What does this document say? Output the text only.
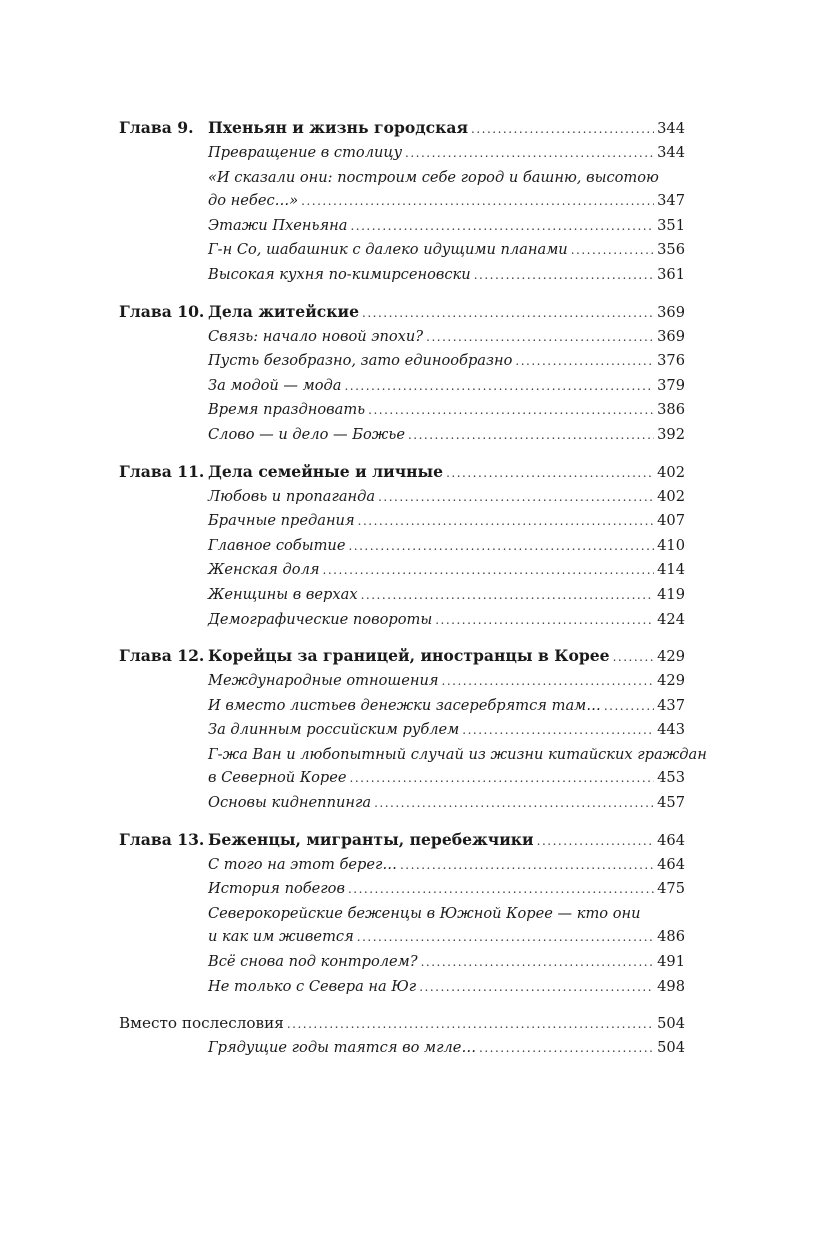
Глава 9. Пхеньян и жизнь городская .....	344
Превращение в столицу .....	344
«И сказали они: построим себе город и башню, высотою
до небес…» .....	347
Этажи Пхеньяна .....	351
Г-н Со, шабашник с далеко идущими планами .....	356
Высокая кухня по-кимирсеновски .....	361
Глава 10. Дела житейские .....	369
Связь: начало новой эпохи? .....	369
Пусть безобразно, зато единообразно .....	376
За модой — мода .....	379
Время праздновать .....	386
Слово — и дело — Божье .....	392
Глава 11. Дела семейные и личные .....	402
Любовь и пропаганда .....	402
Брачные предания .....	407
Главное событие .....	410
Женская доля .....	414
Женщины в верхах .....	419
Демографические повороты .....	424
Глава 12. Корейцы за границей, иностранцы в Корее .....	429
Международные отношения .....	429
И вместо листьев денежки засеребрятся там… .....	437
За длинным российским рублем .....	443
Г-жа Ван и любопытный случай из жизни китайских граждан
в Северной Корее .....	453
Основы киднеппинга .....	457
Глава 13. Беженцы, мигранты, перебежчики .....	464
С того на этот берег… .....	464
История побегов .....	475
Северокорейские беженцы в Южной Корее — кто они
и как им живется .....	486
Всё снова под контролем? .....	491
Не только с Севера на Юг .....	498
Вместо послесловия .....	504
Грядущие годы таятся во мгле… .....	504
